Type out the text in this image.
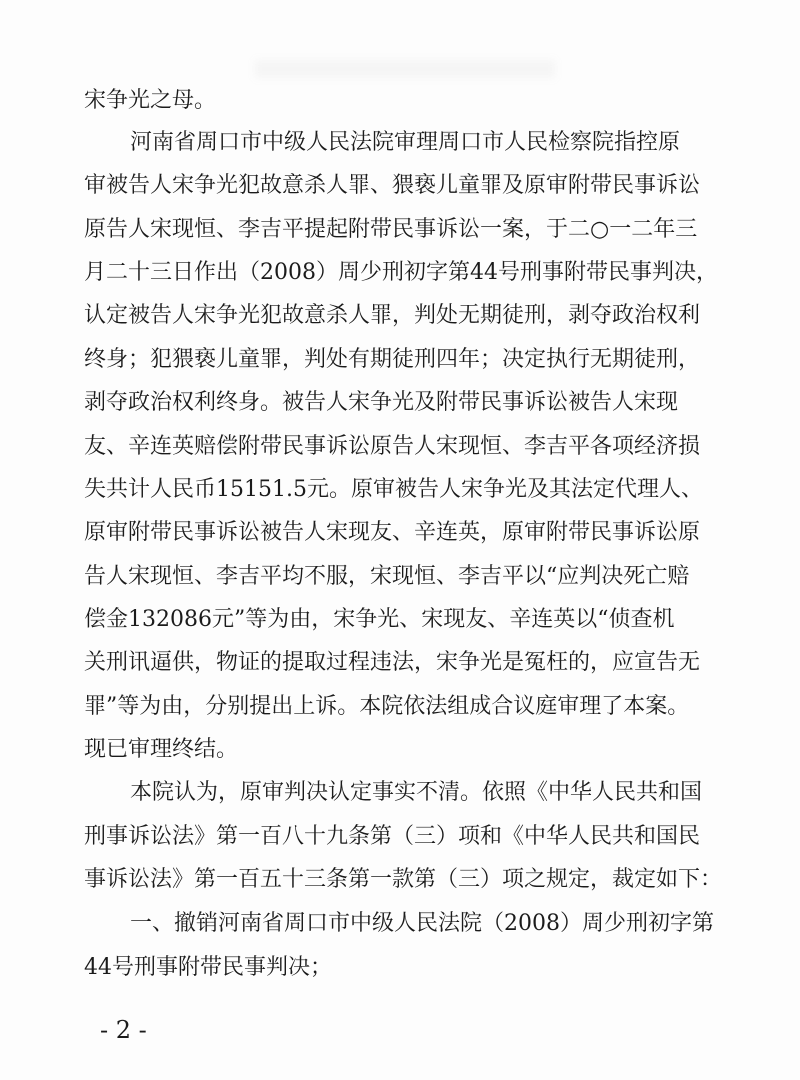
宋争光之母。
河南省周口市中级人民法院审理周口市人民检察院指控原
审被告人宋争光犯故意杀人罪、猥亵儿童罪及原审附带民事诉讼
原告人宋现恒、李吉平提起附带民事诉讼一案，于二○一二年三
月二十三日作出（2008）周少刑初字第44号刑事附带民事判决，
认定被告人宋争光犯故意杀人罪，判处无期徒刑，剥夺政治权利
终身；犯猥亵儿童罪，判处有期徒刑四年；决定执行无期徒刑，
剥夺政治权利终身。被告人宋争光及附带民事诉讼被告人宋现
友、辛连英赔偿附带民事诉讼原告人宋现恒、李吉平各项经济损
失共计人民币15151.5元。原审被告人宋争光及其法定代理人、
原审附带民事诉讼被告人宋现友、辛连英，原审附带民事诉讼原
告人宋现恒、李吉平均不服，宋现恒、李吉平以“应判决死亡赔
偿金132086元”等为由，宋争光、宋现友、辛连英以“侦查机
关刑讯逼供，物证的提取过程违法，宋争光是冤枉的，应宣告无
罪”等为由，分别提出上诉。本院依法组成合议庭审理了本案。
现已审理终结。
本院认为，原审判决认定事实不清。依照《中华人民共和国
刑事诉讼法》第一百八十九条第（三）项和《中华人民共和国民
事诉讼法》第一百五十三条第一款第（三）项之规定，裁定如下：
一、撤销河南省周口市中级人民法院（2008）周少刑初字第
44号刑事附带民事判决；
- 2 -
